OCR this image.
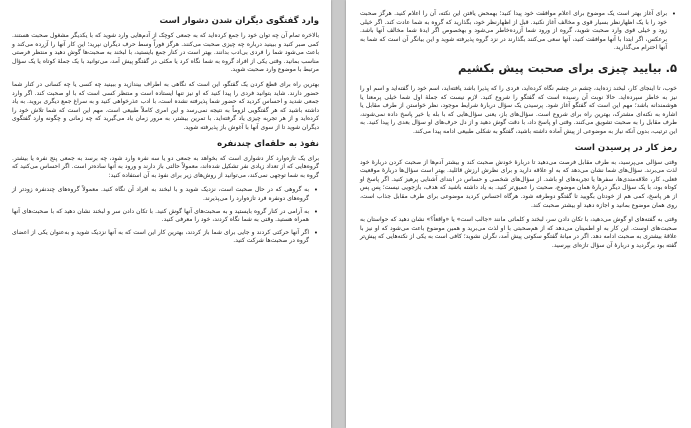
وارد گفتگوی دیگران شدن دشوار است

بالاخره تمام آن چه توان خود را جمع کرده‌اید که به جمعی کوچک از آدم‌هایی وارد شوید که با یکدیگر مشغول صحبت هستند. کمی صبر کنید و ببینید درباره چه چیزی صحبت می‌کنند. هرگز فوراً وسط حرف دیگران نپرید؛ این کار آنها را آزرده می‌کند و باعث می‌شود شما را فردی بی‌ادب بدانند. بهتر است در کنار جمع بایستید، با لبخند به صحبت‌ها گوش دهید و منتظر فرصتی مناسب بمانید. وقتی یکی از افراد گروه به شما نگاه کرد یا مکثی در گفتگو پیش آمد، می‌توانید با یک جملهٔ کوتاه یا یک سؤال مرتبط با موضوع وارد صحبت شوید.

بهترین راه برای قطع کردن یک گفتگو، این است که نگاهی به اطراف بیندازید و ببینید چه کسی یا چه کسانی در کنار شما حضور دارند. شاید بتوانید فردی را پیدا کنید که او نیز تنها ایستاده است و منتظر کسی است که با او صحبت کند. اگر وارد جمعی شدید و احساس کردید که حضور شما پذیرفته نشده است، با ادب عذرخواهی کنید و به سراغ جمع دیگری بروید. به یاد داشته باشید که هر گفتگویی لزوماً به نتیجه نمی‌رسد و این امری کاملاً طبیعی است. مهم این است که شما تلاش خود را کرده‌اید و از هر تجربه چیزی یاد گرفته‌اید. با تمرین بیشتر، به مرور زمان یاد می‌گیرید که چه زمانی و چگونه وارد گفتگوی دیگران شوید تا از سوی آنها با آغوش باز پذیرفته شوید.

نفوذ به حلقه‌ای چندنفره

برای یک تازه‌وارد کار دشواری است که بخواهد به جمعی دو یا سه نفره وارد شود، چه برسد به جمعی پنج نفره یا بیشتر. گروه‌هایی که از تعداد زیادی نفر تشکیل شده‌اند، معمولاً حالتی باز دارند و ورود به آنها ساده‌تر است. اگر احساس می‌کنید که گروه به شما توجهی نمی‌کند، می‌توانید از روش‌های زیر برای نفوذ به آن استفاده کنید:

• به گروهی که در حال صحبت است، نزدیک شوید و با لبخند به افراد آن نگاه کنید. معمولاً گروه‌های چندنفره زودتر از گروه‌های دونفره فرد تازه‌وارد را می‌پذیرند.
• به آرامی در کنار گروه بایستید و به صحبت‌های آنها گوش کنید. با تکان دادن سر و لبخند نشان دهید که با صحبت‌های آنها همراه هستید. وقتی به شما نگاه کردند، خود را معرفی کنید.
• اگر آنها حرکتی کردند و جایی برای شما باز کردند، بهترین کار این است که به آنها نزدیک شوید و به‌عنوان یکی از اعضای گروه در صحبت‌ها شرکت کنید.
• برای آغاز بهتر است یک موضوع برای اعلام موافقت خود پیدا کنید؛ بهمحض یافتن این نکته، آن را اعلام کنید. هرگز صحبت خود را با یک اظهارنظر بسیار قوی و مخالف آغاز نکنید. قبل از اظهارنظر خود، بگذارید که گروه به شما عادت کند. اگر خیلی زود و خیلی قوی وارد صحبت شوید، گروه از ورود شما آزرده‌خاطر می‌شود و بهخصوص اگر ایدهٔ شما مخالف آنها باشد. برعکس، اگر ابتدا با آنها موافقت کنید، آنها سعی می‌کنند بگذارند در نزد گروه پذیرفته شوید و این بیانگر آن است که شما به آنها احترام می‌گذارید.
۵. بیایید چیزی برای صحبت پیش بکشیم

خوب، تا اینجای کار، لبخند زده‌اید، چشم در چشم نگاه کرده‌اید، فردی را که پذیرا باشد یافته‌اید، اسم خود را گفته‌اید و اسم او را نیز به خاطر سپرده‌اید. حالا نوبت آن رسیده است که گفتگو را شروع کنید. لازم نیست که جملهٔ اول شما خیلی پرمعنا یا هوشمندانه باشد؛ مهم این است که گفتگو آغاز شود. پرسیدن یک سؤال دربارهٔ شرایط موجود، نظر خواستن از طرف مقابل یا اشاره به نکته‌ای مشترک، بهترین راه برای شروع است. سؤال‌های باز، یعنی سؤال‌هایی که با بله یا خیر پاسخ داده نمی‌شوند، طرف مقابل را به صحبت تشویق می‌کنند. وقتی او پاسخ داد، با دقت گوش دهید و از دل حرف‌های او سؤال بعدی را پیدا کنید. به این ترتیب، بدون آنکه نیاز به موضوعی از پیش آماده داشته باشید، گفتگو به شکلی طبیعی ادامه پیدا می‌کند.

رمز کار در پرسیدن است

وقتی سؤالی می‌پرسید، به طرف مقابل فرصت می‌دهید تا دربارهٔ خودش صحبت کند و بیشتر آدم‌ها از صحبت کردن دربارهٔ خود لذت می‌برند. سؤال‌های شما نشان می‌دهد که به او علاقه دارید و برای نظرش ارزش قائلید. بهتر است سؤال‌ها دربارهٔ موقعیت فعلی، کار، علاقه‌مندی‌ها، سفرها یا تجربه‌های او باشد. از سؤال‌های شخصی و حساس در ابتدای آشنایی پرهیز کنید. اگر پاسخ او کوتاه بود، با یک سؤال دیگر دربارهٔ همان موضوع، صحبت را عمیق‌تر کنید. به یاد داشته باشید که هدف، بازجویی نیست؛ پس پس از هر پاسخ، کمی هم از خودتان بگویید تا گفتگو دوطرفه شود. هرگاه احساس کردید موضوعی برای طرف مقابل جذاب است، روی همان موضوع بمانید و اجازه دهید او بیشتر صحبت کند.

وقتی به گفته‌های او گوش می‌دهید، با تکان دادن سر، لبخند و کلماتی مانند «جالب است» یا «واقعاً؟» نشان دهید که حواستان به صحبت‌های اوست. این کار به او اطمینان می‌دهد که از هم‌صحبتی با او لذت می‌برید و همین موضوع باعث می‌شود که او نیز با علاقهٔ بیشتری به صحبت ادامه دهد. اگر در میانهٔ گفتگو سکوتی پیش آمد، نگران نشوید؛ کافی است به یکی از نکته‌هایی که پیش‌تر گفته بود برگردید و دربارهٔ آن سؤال تازه‌ای بپرسید.
